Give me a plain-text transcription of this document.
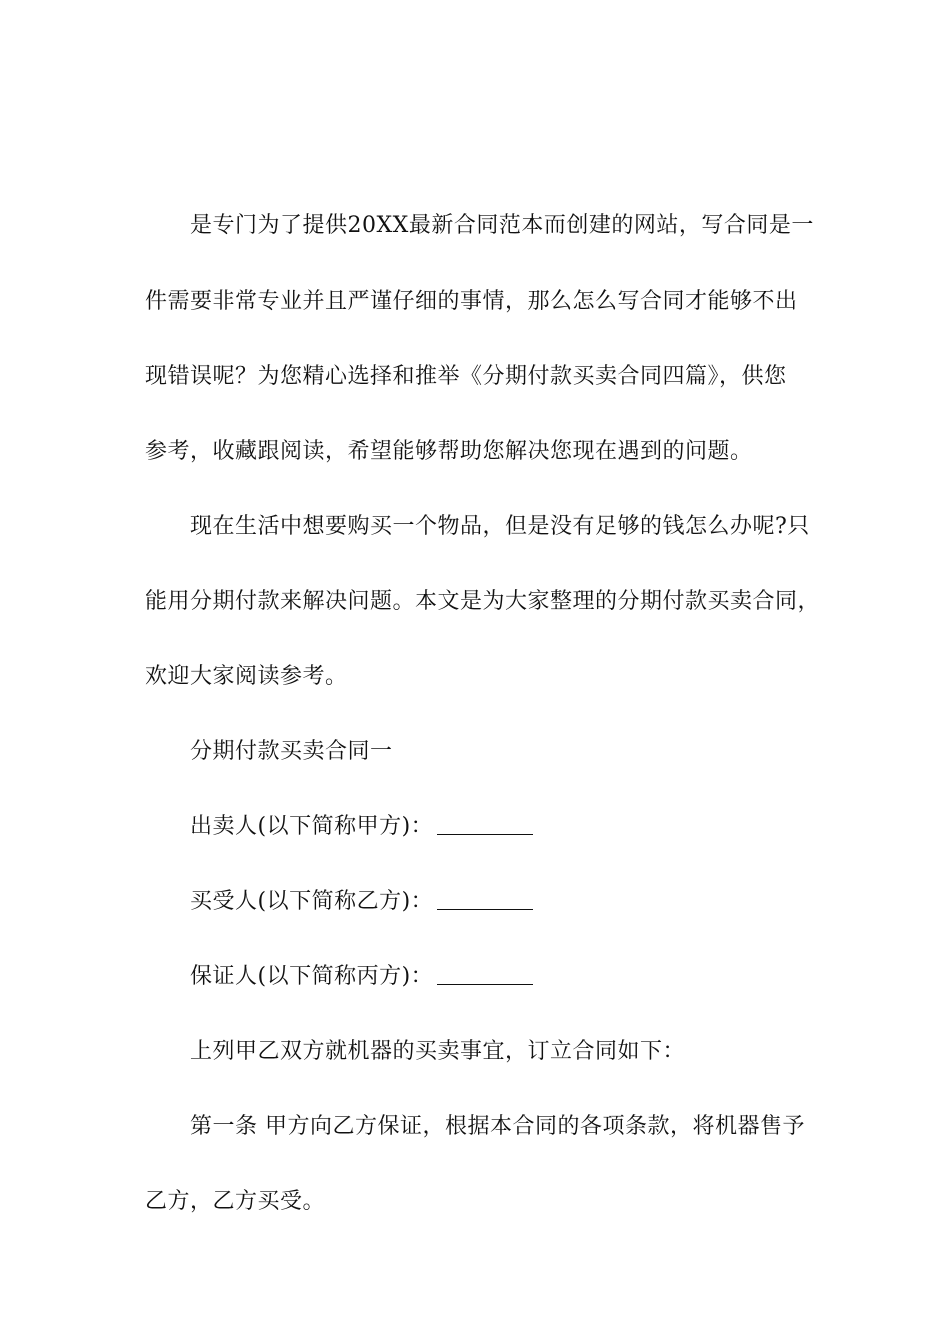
是专门为了提供20XX最新合同范本而创建的网站，写合同是一
件需要非常专业并且严谨仔细的事情，那么怎么写合同才能够不出
现错误呢？为您精心选择和推举《分期付款买卖合同四篇》，供您
参考，收藏跟阅读，希望能够帮助您解决您现在遇到的问题。
现在生活中想要购买一个物品，但是没有足够的钱怎么办呢?只
能用分期付款来解决问题。本文是为大家整理的分期付款买卖合同，
欢迎大家阅读参考。
分期付款买卖合同一
出卖人(以下简称甲方)：
买受人(以下简称乙方)：
保证人(以下简称丙方)：
上列甲乙双方就机器的买卖事宜，订立合同如下：
第一条 甲方向乙方保证，根据本合同的各项条款，将机器售予
乙方，乙方买受。
